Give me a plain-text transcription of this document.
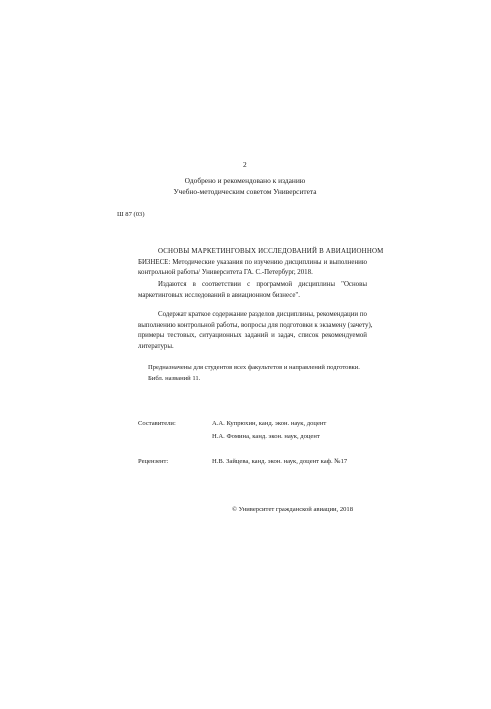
2
Одобрено и рекомендовано к изданию
Учебно-методическим советом Университета
Ш 87 (03)
ОСНОВЫ МАРКЕТИНГОВЫХ ИССЛЕДОВАНИЙ В АВИАЦИОННОМ
БИЗНЕСЕ: Методические указания по изучению дисциплины и выполнению
контрольной работы/ Университета ГА. С.-Петербург, 2018.
Издаются в соответствии с программой дисциплины "Основы
маркетинговых исследований в авиационном бизнесе".
Содержат краткое содержание разделов дисциплины, рекомендации по
выполнению контрольной работы, вопросы для подготовки к экзамену (зачету),
примеры тестовых, ситуационных заданий и задач, список рекомендуемой
литературы.
Предназначены для студентов всех факультетов и направлений подготовки.
Библ. названий 11.
Составители:	А.А. Купрюхин, канд. экон. наук, доцент
Н.А. Фомина, канд. экон. наук, доцент
Рецензент:	Н.В. Зайцева, канд. экон. наук, доцент каф. №17
© Университет гражданской авиации, 2018
